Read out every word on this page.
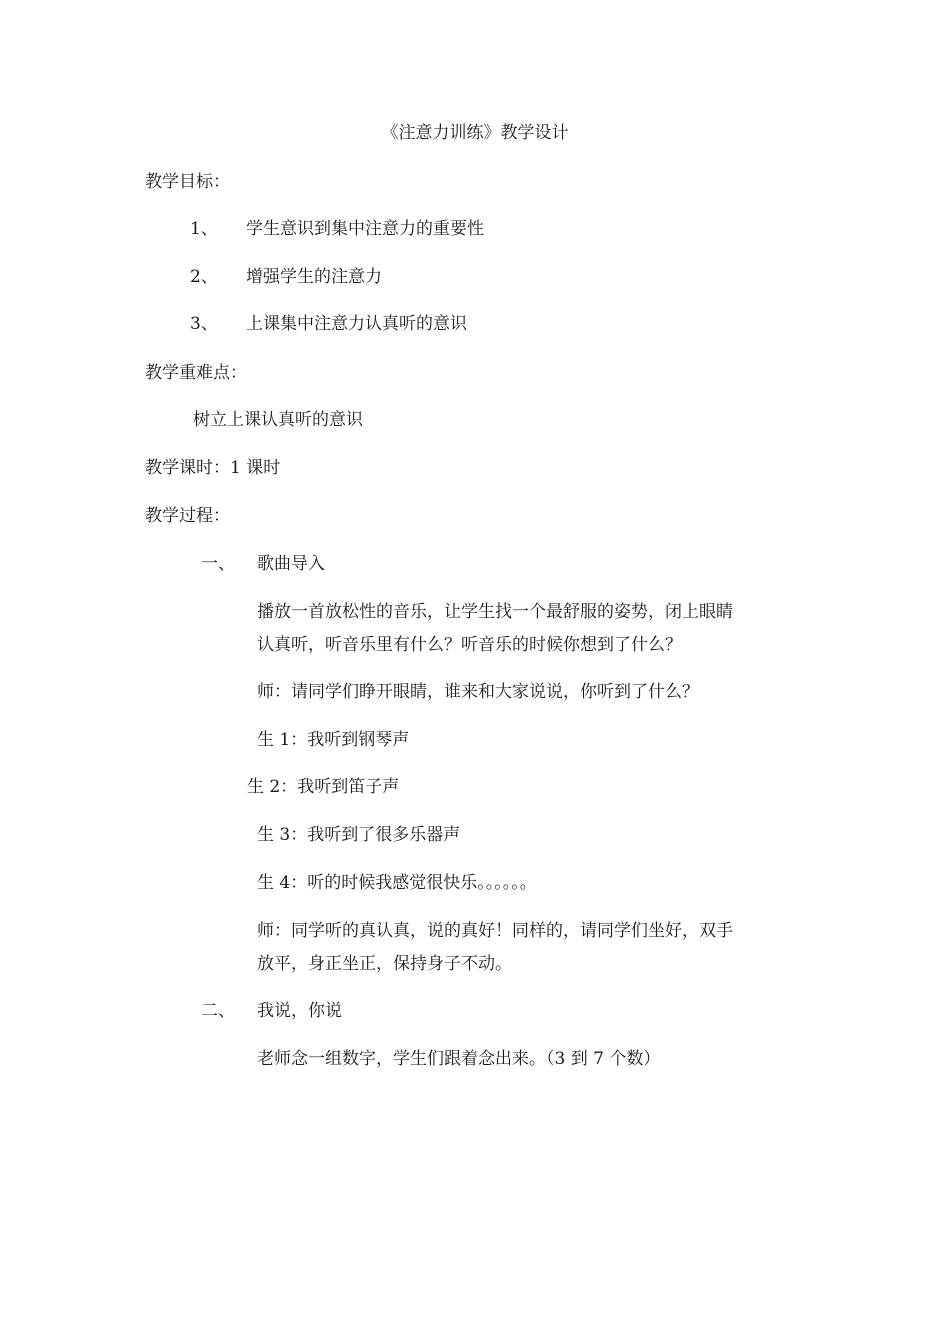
《注意力训练》教学设计
教学目标：
1、 学生意识到集中注意力的重要性
2、 增强学生的注意力
3、 上课集中注意力认真听的意识
教学重难点：
树立上课认真听的意识
教学课时：1 课时
教学过程：
一、 歌曲导入
播放一首放松性的音乐，让学生找一个最舒服的姿势，闭上眼睛
认真听，听音乐里有什么？听音乐的时候你想到了什么？
师：请同学们睁开眼睛，谁来和大家说说，你听到了什么？
生 1：我听到钢琴声
生 2：我听到笛子声
生 3：我听到了很多乐器声
生 4：听的时候我感觉很快乐。。。。。。
师：同学听的真认真，说的真好！同样的，请同学们坐好，双手
放平，身正坐正，保持身子不动。
二、 我说，你说
老师念一组数字，学生们跟着念出来。（3 到 7 个数）
